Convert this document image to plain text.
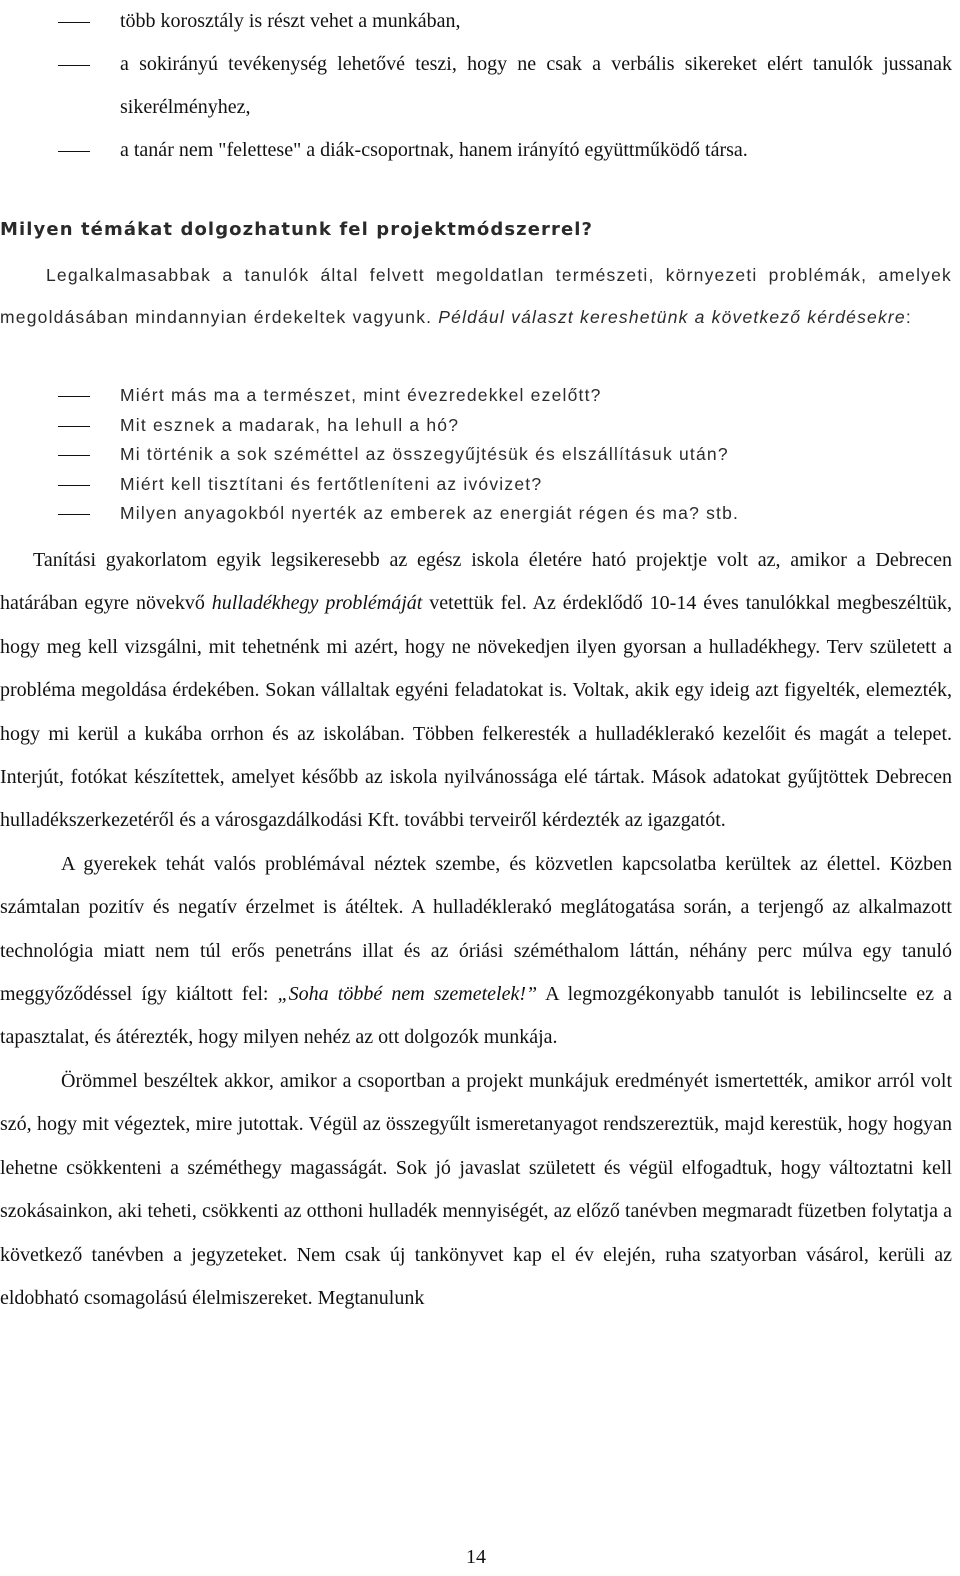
több korosztály is részt vehet a munkában,
a sokirányú tevékenység lehetővé teszi, hogy ne csak a verbális sikereket elért tanulók jussanak sikerélményhez,
a tanár nem "felettese" a diák-csoportnak, hanem irányító együttműködő társa.
Milyen témákat dolgozhatunk fel projektmódszerrel?

Legalkalmasabbak a tanulók által felvett megoldatlan természeti, környezeti problémák, amelyek megoldásában mindannyian érdekeltek vagyunk. Például választ kereshetünk a következő kérdésekre:

Miért más ma a természet, mint évezredekkel ezelőtt?
Mit esznek a madarak, ha lehull a hó?
Mi történik a sok széméttel az összegyűjtésük és elszállításuk után?
Miért kell tisztítani és fertőtleníteni az ivóvizet?
Milyen anyagokból nyerték az emberek az energiát régen és ma? stb.

Tanítási gyakorlatom egyik legsikeresebb az egész iskola életére ható projektje volt az, amikor a Debrecen határában egyre növekvő hulladékhegy problémáját vetettük fel. Az érdeklődő 10-14 éves tanulókkal megbeszéltük, hogy meg kell vizsgálni, mit tehetnénk mi azért, hogy ne növekedjen ilyen gyorsan a hulladékhegy. Terv született a probléma megoldása érdekében. Sokan vállaltak egyéni feladatokat is. Voltak, akik egy ideig azt figyelték, elemezték, hogy mi kerül a kukába orrhon és az iskolában. Többen felkeresték a hulladéklerakó kezelőit és magát a telepet. Interjút, fotókat készítettek, amelyet később az iskola nyilvánossága elé tártak. Mások adatokat gyűjtöttek Debrecen hulladékszerkezetéről és a városgazdálkodási Kft. további terveiről kérdezték az igazgatót.

A gyerekek tehát valós problémával néztek szembe, és közvetlen kapcsolatba kerültek az élettel. Közben számtalan pozitív és negatív érzelmet is átéltek. A hulladéklerakó meglátogatása során, a terjengő az alkalmazott technológia miatt nem túl erős penetráns illat és az óriási széméthalom láttán, néhány perc múlva egy tanuló meggyőződéssel így kiáltott fel: „Soha többé nem szemetelek!” A legmozgékonyabb tanulót is lebilincselte ez a tapasztalat, és átérezték, hogy milyen nehéz az ott dolgozók munkája.

Örömmel beszéltek akkor, amikor a csoportban a projekt munkájuk eredményét ismertették, amikor arról volt szó, hogy mit végeztek, mire jutottak. Végül az összegyűlt ismeretanyagot rendszereztük, majd kerestük, hogy hogyan lehetne csökkenteni a széméthegy magasságát. Sok jó javaslat született és végül elfogadtuk, hogy változtatni kell szokásainkon, aki teheti, csökkenti az otthoni hulladék mennyiségét, az előző tanévben megmaradt füzetben folytatja a következő tanévben a jegyzeteket. Nem csak új tankönyvet kap el év elején, ruha szatyorban vásárol, kerüli az eldobható csomagolású élelmiszereket. Megtanulunk

14
